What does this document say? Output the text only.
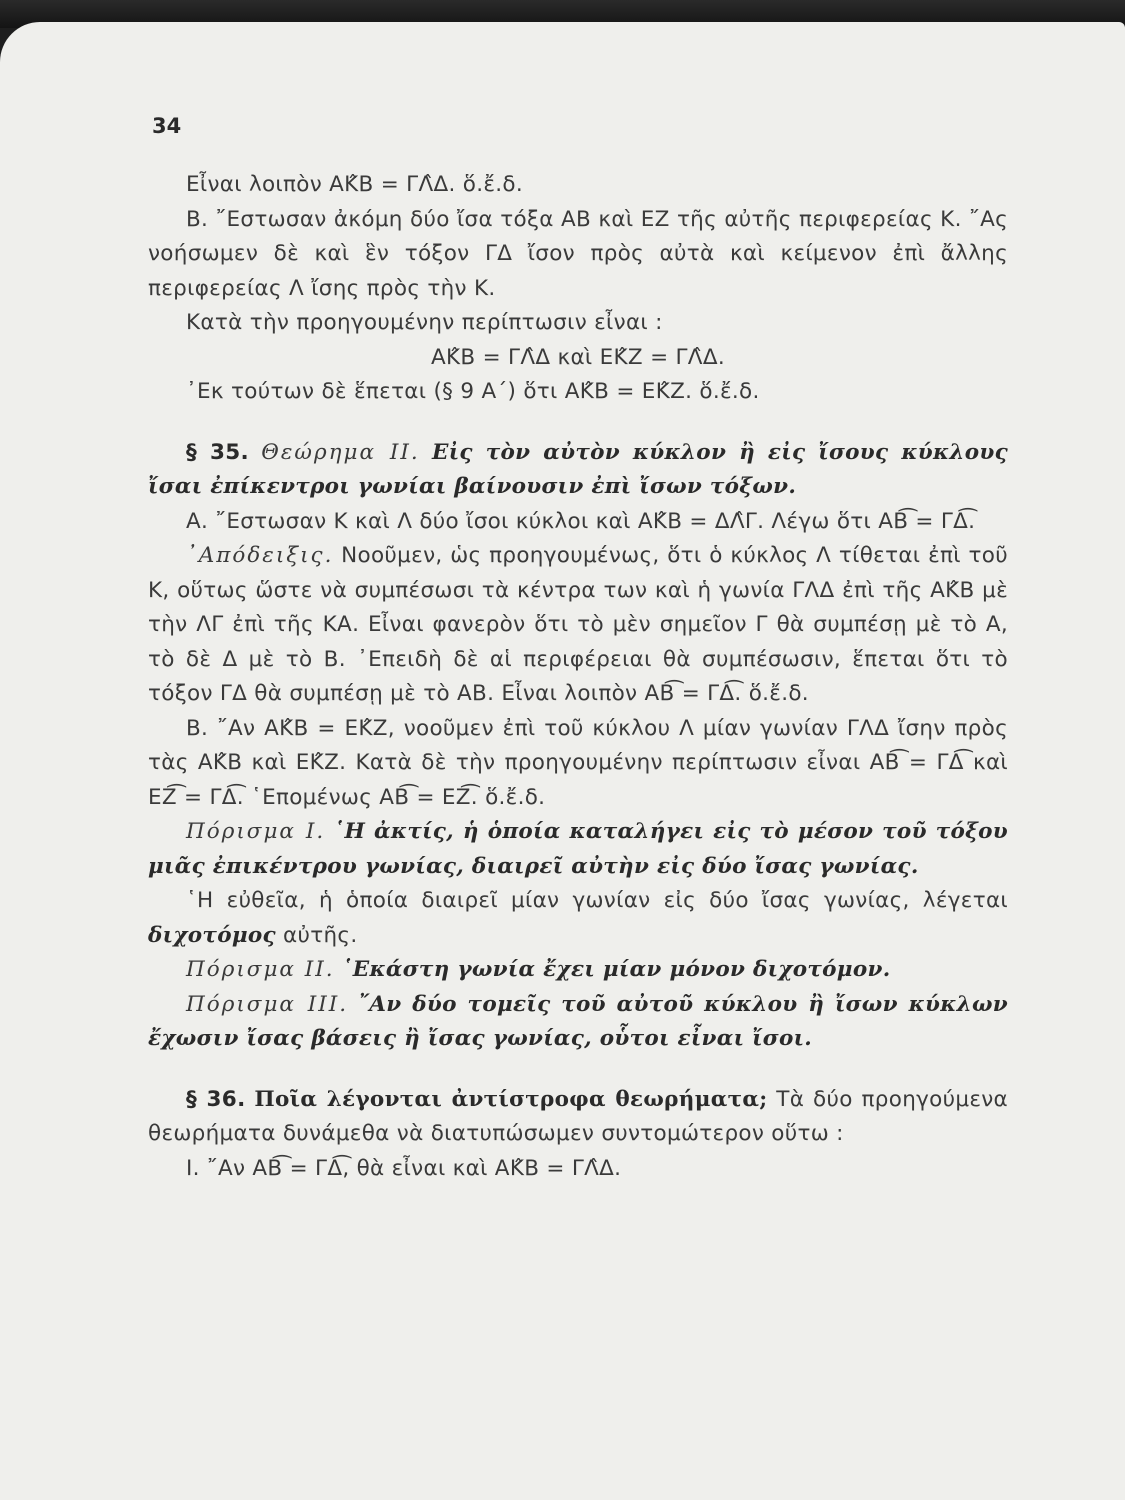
34

Εἶναι λοιπὸν ΑΚ̂Β = ΓΛ̂Δ. ὅ.ἔ.δ.

Β. ῎Εστωσαν ἀκόμη δύο ἴσα τόξα ΑΒ καὶ ΕΖ τῆς αὐτῆς περιφερείας Κ. ῎Ας νοήσωμεν δὲ καὶ ἓν τόξον ΓΔ ἴσον πρὸς αὐτὰ καὶ κείμενον ἐπὶ ἄλλης περιφερείας Λ ἴσης πρὸς τὴν Κ.

Κατὰ τὴν προηγουμένην περίπτωσιν εἶναι :

ΑΚ̂Β = ΓΛ̂Δ καὶ ΕΚ̂Ζ = ΓΛ̂Δ.

᾽Εκ τούτων δὲ ἕπεται (§ 9 Α΄) ὅτι ΑΚ̂Β = ΕΚ̂Ζ. ὅ.ἔ.δ.

§ 35. Θεώρημα ΙΙ. Εἰς τὸν αὐτὸν κύκλον ἢ εἰς ἴσους κύκλους ἴσαι ἐπίκεντροι γωνίαι βαίνουσιν ἐπὶ ἴσων τόξων.

Α. ῎Εστωσαν Κ καὶ Λ δύο ἴσοι κύκλοι καὶ ΑΚ̂Β = ΔΛ̂Γ. Λέγω ὅτι ΑΒ͡ = ΓΔ͡.

᾽Απόδειξις. Νοοῦμεν, ὡς προηγουμένως, ὅτι ὁ κύκλος Λ τίθεται ἐπὶ τοῦ Κ, οὕτως ὥστε νὰ συμπέσωσι τὰ κέντρα των καὶ ἡ γωνία ΓΛΔ ἐπὶ τῆς ΑΚ̂Β μὲ τὴν ΛΓ ἐπὶ τῆς ΚΑ. Εἶναι φανερὸν ὅτι τὸ μὲν σημεῖον Γ θὰ συμπέσῃ μὲ τὸ Α, τὸ δὲ Δ μὲ τὸ Β. ᾽Επειδὴ δὲ αἱ περιφέρειαι θὰ συμπέσωσιν, ἕπεται ὅτι τὸ τόξον ΓΔ θὰ συμπέσῃ μὲ τὸ ΑΒ. Εἶναι λοιπὸν ΑΒ͡ = ΓΔ͡. ὅ.ἔ.δ.

Β. ῎Αν ΑΚ̂Β = ΕΚ̂Ζ, νοοῦμεν ἐπὶ τοῦ κύκλου Λ μίαν γωνίαν ΓΛΔ ἴσην πρὸς τὰς ΑΚ̂Β καὶ ΕΚ̂Ζ. Κατὰ δὲ τὴν προηγουμένην περίπτωσιν εἶναι ΑΒ͡ = ΓΔ͡ καὶ ΕΖ͡ = ΓΔ͡. ῾Επομένως ΑΒ͡ = ΕΖ͡. ὅ.ἔ.δ.

Πόρισμα Ι. ῾Η ἀκτίς, ἡ ὁποία καταλήγει εἰς τὸ μέσον τοῦ τόξου μιᾶς ἐπικέντρου γωνίας, διαιρεῖ αὐτὴν εἰς δύο ἴσας γωνίας.

῾Η εὐθεῖα, ἡ ὁποία διαιρεῖ μίαν γωνίαν εἰς δύο ἴσας γωνίας, λέγεται διχοτόμος αὐτῆς.

Πόρισμα ΙΙ. ῾Εκάστη γωνία ἔχει μίαν μόνον διχοτόμον.

Πόρισμα ΙΙΙ. ῎Αν δύο τομεῖς τοῦ αὐτοῦ κύκλου ἢ ἴσων κύκλων ἔχωσιν ἴσας βάσεις ἢ ἴσας γωνίας, οὗτοι εἶναι ἴσοι.

§ 36. Ποῖα λέγονται ἀντίστροφα θεωρήματα; Τὰ δύο προηγούμενα θεωρήματα δυνάμεθα νὰ διατυπώσωμεν συντομώτερον οὕτω :

Ι. ῎Αν ΑΒ͡ = ΓΔ͡, θὰ εἶναι καὶ ΑΚ̂Β = ΓΛ̂Δ.
